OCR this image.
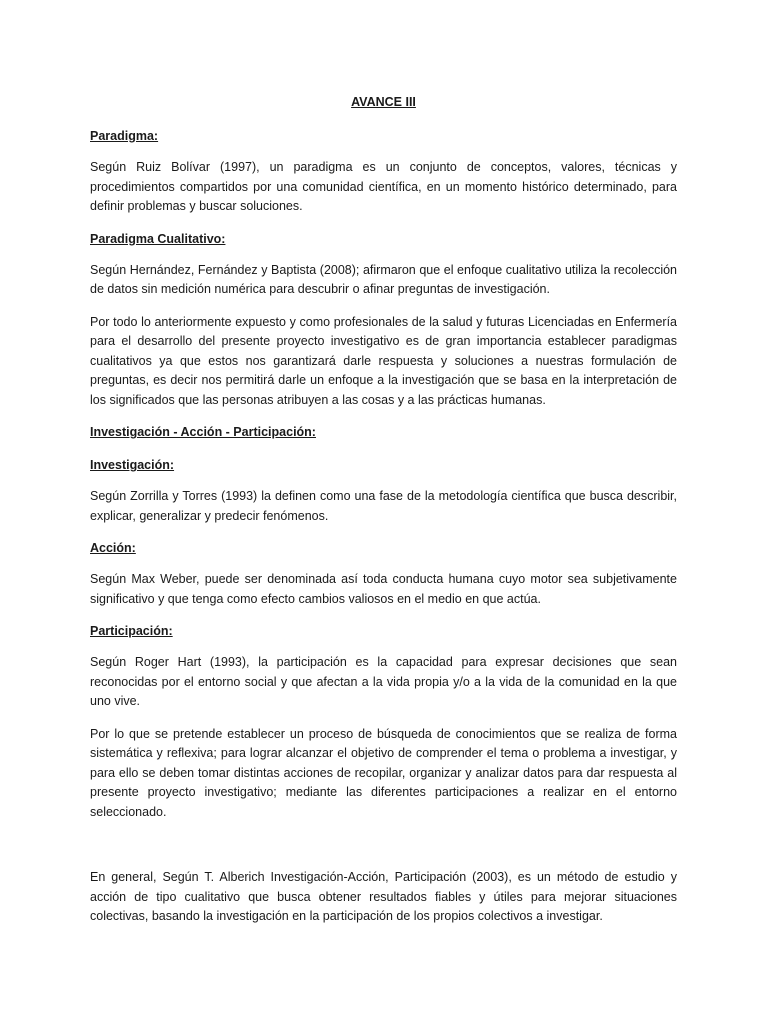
AVANCE III

Paradigma:

Según Ruiz Bolívar (1997), un paradigma es un conjunto de conceptos, valores, técnicas y procedimientos compartidos por una comunidad científica, en un momento histórico determinado, para definir problemas y buscar soluciones.

Paradigma Cualitativo:

Según Hernández, Fernández y Baptista (2008); afirmaron que el enfoque cualitativo utiliza la recolección de datos sin medición numérica para descubrir o afinar preguntas de investigación.

Por todo lo anteriormente expuesto y como profesionales de la salud y futuras Licenciadas en Enfermería para el desarrollo del presente proyecto investigativo es de gran importancia establecer paradigmas cualitativos ya que estos nos garantizará darle respuesta y soluciones a nuestras formulación de preguntas, es decir nos permitirá darle un enfoque a la investigación que se basa en la interpretación de los significados que las personas atribuyen a las cosas y a las prácticas humanas.

Investigación - Acción - Participación:

Investigación:

Según Zorrilla y Torres (1993) la definen como una fase de la metodología científica que busca describir, explicar, generalizar y predecir fenómenos.

Acción:

Según Max Weber, puede ser denominada así toda conducta humana cuyo motor sea subjetivamente significativo y que tenga como efecto cambios valiosos en el medio en que actúa.

Participación:

Según Roger Hart (1993), la participación es la capacidad para expresar decisiones que sean reconocidas por el entorno social y que afectan a la vida propia y/o a la vida de la comunidad en la que uno vive.

Por lo que se pretende establecer un proceso de búsqueda de conocimientos que se realiza de forma sistemática y reflexiva; para lograr alcanzar el objetivo de comprender el tema o problema a investigar, y para ello se deben tomar distintas acciones de recopilar, organizar y analizar datos para dar respuesta al presente proyecto investigativo; mediante las diferentes participaciones a realizar en el entorno seleccionado.

En general, Según T. Alberich Investigación-Acción, Participación (2003), es un método de estudio y acción de tipo cualitativo que busca obtener resultados fiables y útiles para mejorar situaciones colectivas, basando la investigación en la participación de los propios colectivos a investigar.
